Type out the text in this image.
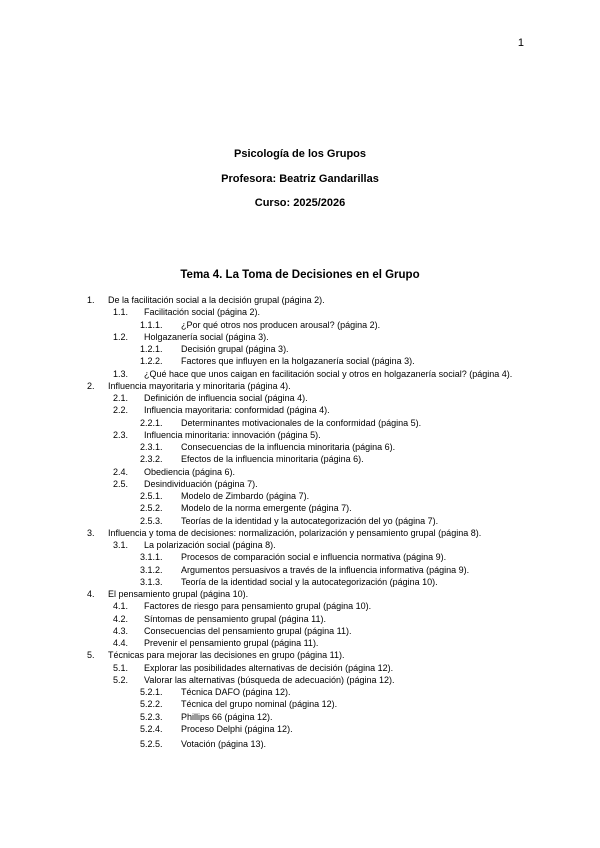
1
Psicología de los Grupos
Profesora: Beatriz Gandarillas
Curso: 2025/2026
Tema 4. La Toma de Decisiones en el Grupo
1. De la facilitación social a la decisión grupal (página 2).
1.1. Facilitación social (página 2).
1.1.1. ¿Por qué otros nos producen arousal? (página 2).
1.2. Holgazanería social (página 3).
1.2.1. Decisión grupal (página 3).
1.2.2. Factores que influyen en la holgazanería social (página 3).
1.3. ¿Qué hace que unos caigan en facilitación social y otros en holgazanería social? (página 4).
2. Influencia mayoritaria y minoritaria (página 4).
2.1. Definición de influencia social (página 4).
2.2. Influencia mayoritaria: conformidad (página 4).
2.2.1. Determinantes motivacionales de la conformidad (página 5).
2.3. Influencia minoritaria: innovación (página 5).
2.3.1. Consecuencias de la influencia minoritaria (página 6).
2.3.2. Efectos de la influencia minoritaria (página 6).
2.4. Obediencia (página 6).
2.5. Desindividuación (página 7).
2.5.1. Modelo de Zimbardo (página 7).
2.5.2. Modelo de la norma emergente (página 7).
2.5.3. Teorías de la identidad y la autocategorización del yo (página 7).
3. Influencia y toma de decisiones: normalización, polarización y pensamiento grupal (página 8).
3.1. La polarización social (página 8).
3.1.1. Procesos de comparación social e influencia normativa (página 9).
3.1.2. Argumentos persuasivos a través de la influencia informativa (página 9).
3.1.3. Teoría de la identidad social y la autocategorización (página 10).
4. El pensamiento grupal (página 10).
4.1. Factores de riesgo para pensamiento grupal (página 10).
4.2. Síntomas de pensamiento grupal (página 11).
4.3. Consecuencias del pensamiento grupal (página 11).
4.4. Prevenir el pensamiento grupal (página 11).
5. Técnicas para mejorar las decisiones en grupo (página 11).
5.1. Explorar las posibilidades alternativas de decisión (página 12).
5.2. Valorar las alternativas (búsqueda de adecuación) (página 12).
5.2.1. Técnica DAFO (página 12).
5.2.2. Técnica del grupo nominal (página 12).
5.2.3. Phillips 66 (página 12).
5.2.4. Proceso Delphi (página 12).
5.2.5. Votación (página 13).
